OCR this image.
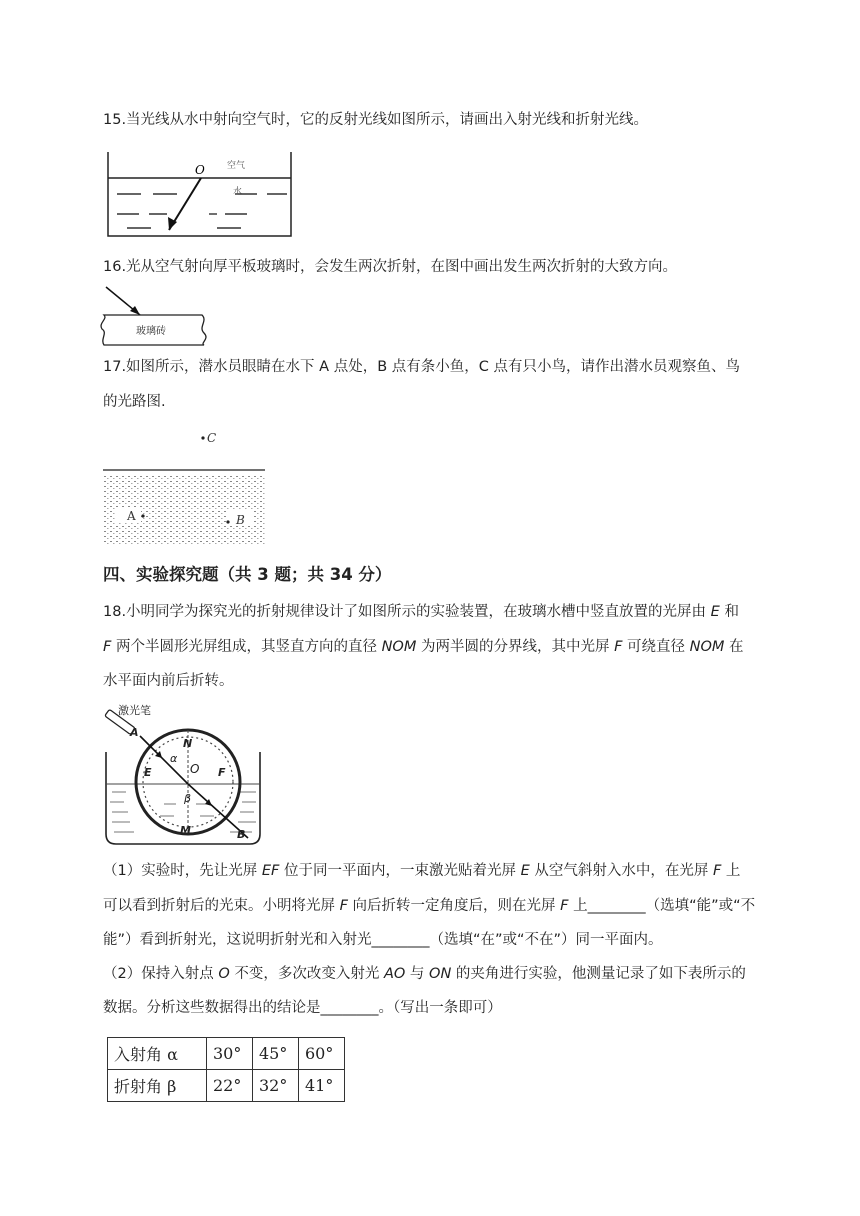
15.当光线从水中射向空气时，它的反射光线如图所示，请画出入射光线和折射光线。
O 空气
水
16.光从空气射向厚平板玻璃时，会发生两次折射，在图中画出发生两次折射的大致方向。
玻璃砖
17.如图所示，潜水员眼睛在水下 A 点处，B 点有条小鱼，C 点有只小鸟，请作出潜水员观察鱼、鸟
的光路图.
C
A	B
四、实验探究题（共 3 题；共 34 分）
18.小明同学为探究光的折射规律设计了如图所示的实验装置，在玻璃水槽中竖直放置的光屏由 E 和
F 两个半圆形光屏组成，其竖直方向的直径 NOM 为两半圆的分界线，其中光屏 F 可绕直径 NOM 在
水平面内前后折转。
激光笔
A
N
α
O
E	F
β
M	B
（1）实验时，先让光屏 EF 位于同一平面内，一束激光贴着光屏 E 从空气斜射入水中，在光屏 F 上
可以看到折射后的光束。小明将光屏 F 向后折转一定角度后，则在光屏 F 上________（选填“能”或“不
能”）看到折射光，这说明折射光和入射光________（选填“在”或“不在”）同一平面内。
（2）保持入射点 O 不变，多次改变入射光 AO 与 ON 的夹角进行实验，他测量记录了如下表所示的
数据。分析这些数据得出的结论是________。（写出一条即可）
入射角 α	30°	45°	60°
折射角 β	22°	32°	41°
